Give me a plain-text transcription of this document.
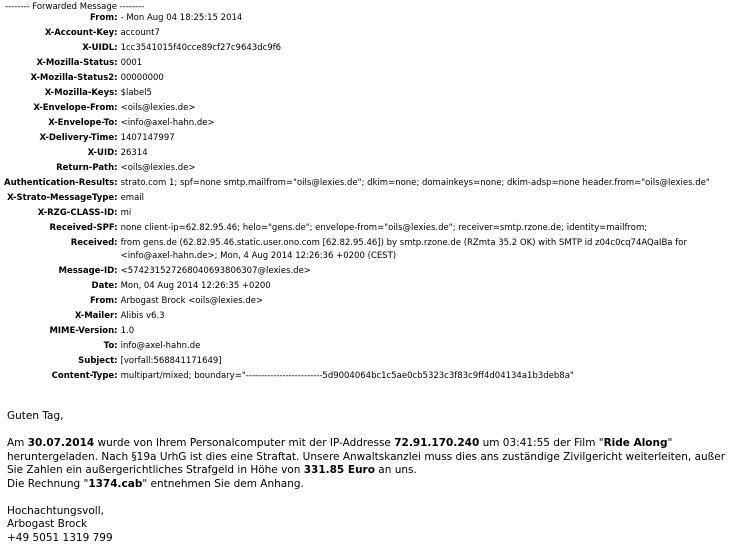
-------- Forwarded Message --------
From:	- Mon Aug 04 18:25:15 2014
X-Account-Key:	account7
X-UIDL:	1cc3541015f40cce89cf27c9643dc9f6
X-Mozilla-Status:	0001
X-Mozilla-Status2:	00000000
X-Mozilla-Keys:	$label5
X-Envelope-From:	<oils@lexies.de>
X-Envelope-To:	<info@axel-hahn.de>
X-Delivery-Time:	1407147997
X-UID:	26314
Return-Path:	<oils@lexies.de>
Authentication-Results:	strato.com 1; spf=none smtp.mailfrom="oils@lexies.de"; dkim=none; domainkeys=none; dkim-adsp=none header.from="oils@lexies.de"
X-Strato-MessageType:	email
X-RZG-CLASS-ID:	mi
Received-SPF:	none client-ip=62.82.95.46; helo="gens.de"; envelope-from="oils@lexies.de"; receiver=smtp.rzone.de; identity=mailfrom;
Received:	from gens.de (62.82.95.46.static.user.ono.com [62.82.95.46]) by smtp.rzone.de (RZmta 35.2 OK) with SMTP id z04c0cq74AQaIBa for <info@axel-hahn.de>; Mon, 4 Aug 2014 12:26:36 +0200 (CEST)
Message-ID:	<574231527268040693806307@lexies.de>
Date:	Mon, 04 Aug 2014 12:26:35 +0200
From:	Arbogast Brock <oils@lexies.de>
X-Mailer:	Alibis v6.3
MIME-Version:	1.0
To:	info@axel-hahn.de
Subject:	[vorfall:568841171649]
Content-Type:	multipart/mixed; boundary="-------------------------5d9004064bc1c5ae0cb5323c3f83c9ff4d04134a1b3deb8a"

Guten Tag,

Am 30.07.2014 wurde von Ihrem Personalcomputer mit der IP-Addresse 72.91.170.240 um 03:41:55 der Film "Ride Along" heruntergeladen. Nach §19a UrhG ist dies eine Straftat. Unsere Anwaltskanzlei muss dies ans zuständige Zivilgericht weiterleiten, außer Sie Zahlen ein außergerichtliches Strafgeld in Höhe von 331.85 Euro an uns.
Die Rechnung "1374.cab" entnehmen Sie dem Anhang.

Hochachtungsvoll,
Arbogast Brock
+49 5051 1319 799
